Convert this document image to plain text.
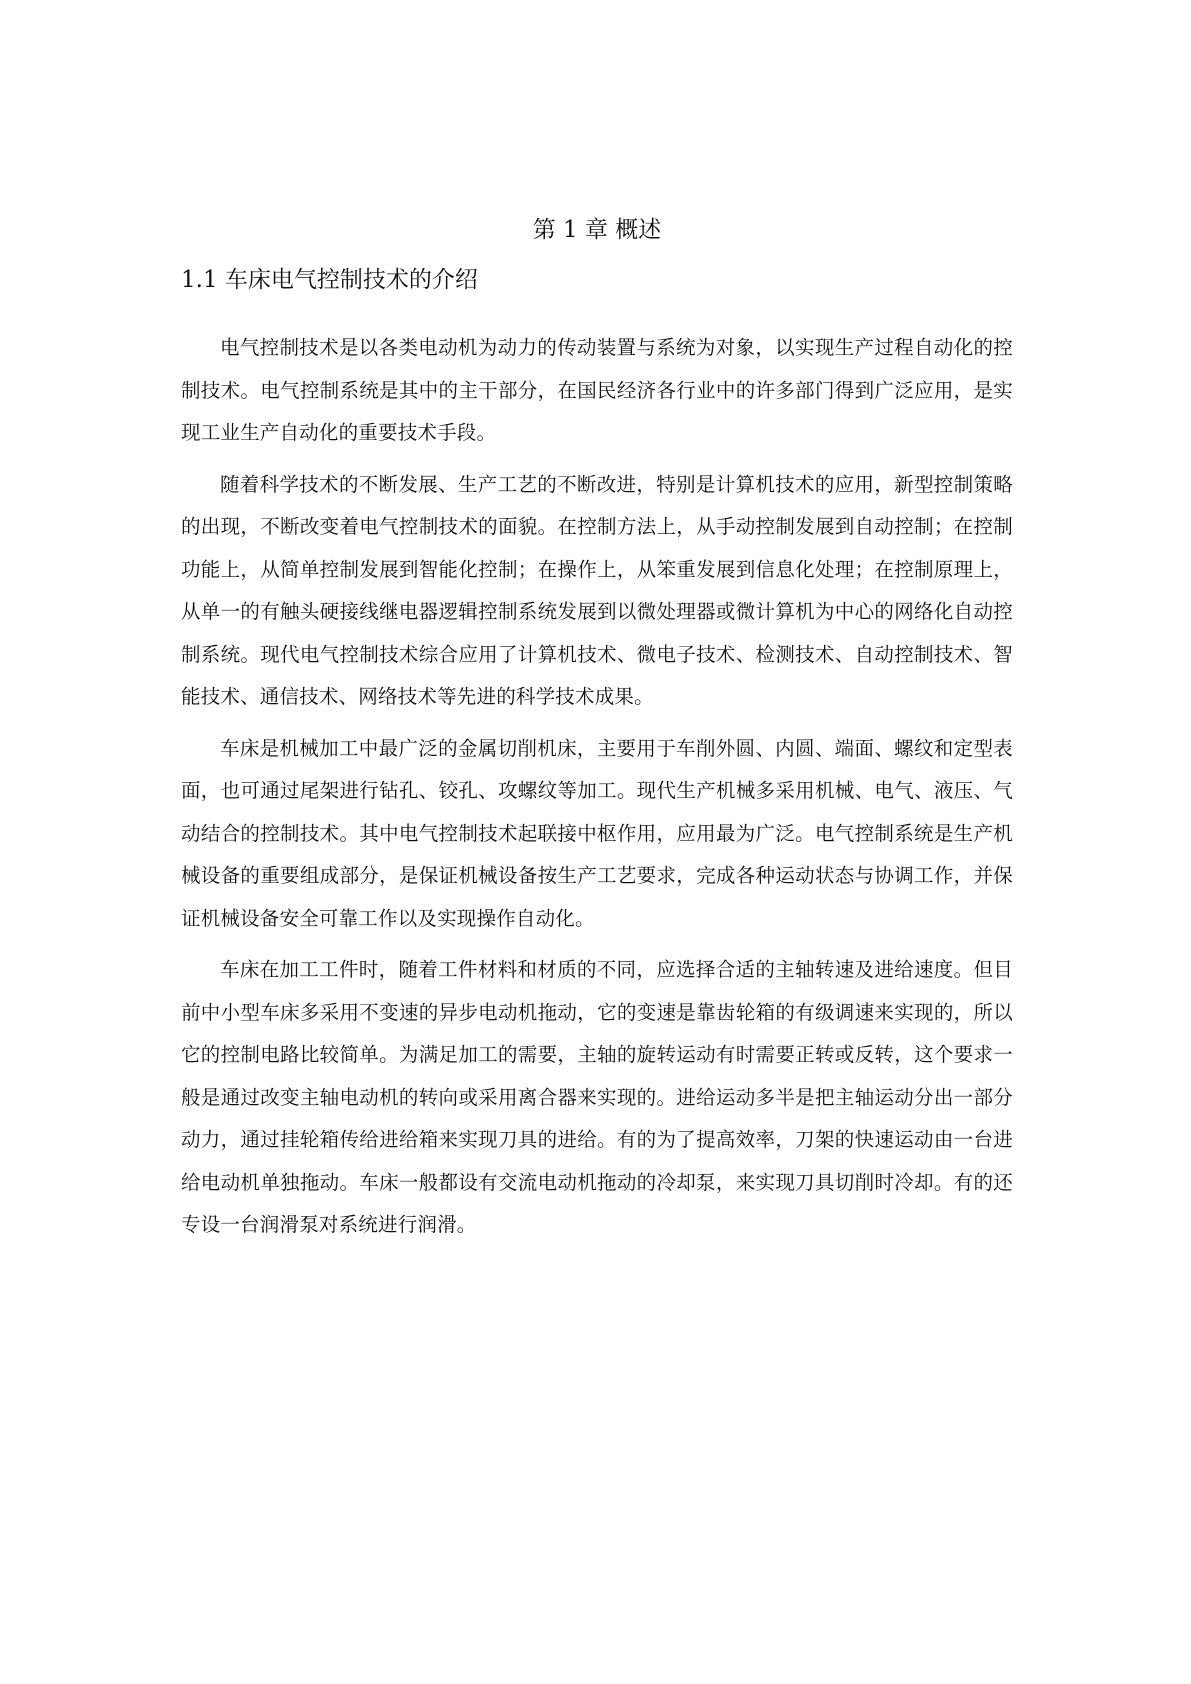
第 1 章 概述
1.1 车床电气控制技术的介绍

电气控制技术是以各类电动机为动力的传动装置与系统为对象，以实现生产过程自动化的控制技术。电气控制系统是其中的主干部分，在国民经济各行业中的许多部门得到广泛应用，是实现工业生产自动化的重要技术手段。

随着科学技术的不断发展、生产工艺的不断改进，特别是计算机技术的应用，新型控制策略的出现，不断改变着电气控制技术的面貌。在控制方法上，从手动控制发展到自动控制；在控制功能上，从简单控制发展到智能化控制；在操作上，从笨重发展到信息化处理；在控制原理上，从单一的有触头硬接线继电器逻辑控制系统发展到以微处理器或微计算机为中心的网络化自动控制系统。现代电气控制技术综合应用了计算机技术、微电子技术、检测技术、自动控制技术、智能技术、通信技术、网络技术等先进的科学技术成果。

车床是机械加工中最广泛的金属切削机床，主要用于车削外圆、内圆、端面、螺纹和定型表面，也可通过尾架进行钻孔、铰孔、攻螺纹等加工。现代生产机械多采用机械、电气、液压、气动结合的控制技术。其中电气控制技术起联接中枢作用，应用最为广泛。电气控制系统是生产机械设备的重要组成部分，是保证机械设备按生产工艺要求，完成各种运动状态与协调工作，并保证机械设备安全可靠工作以及实现操作自动化。

车床在加工工件时，随着工件材料和材质的不同，应选择合适的主轴转速及进给速度。但目前中小型车床多采用不变速的异步电动机拖动，它的变速是靠齿轮箱的有级调速来实现的，所以它的控制电路比较简单。为满足加工的需要，主轴的旋转运动有时需要正转或反转，这个要求一般是通过改变主轴电动机的转向或采用离合器来实现的。进给运动多半是把主轴运动分出一部分动力，通过挂轮箱传给进给箱来实现刀具的进给。有的为了提高效率，刀架的快速运动由一台进给电动机单独拖动。车床一般都设有交流电动机拖动的冷却泵，来实现刀具切削时冷却。有的还专设一台润滑泵对系统进行润滑。
